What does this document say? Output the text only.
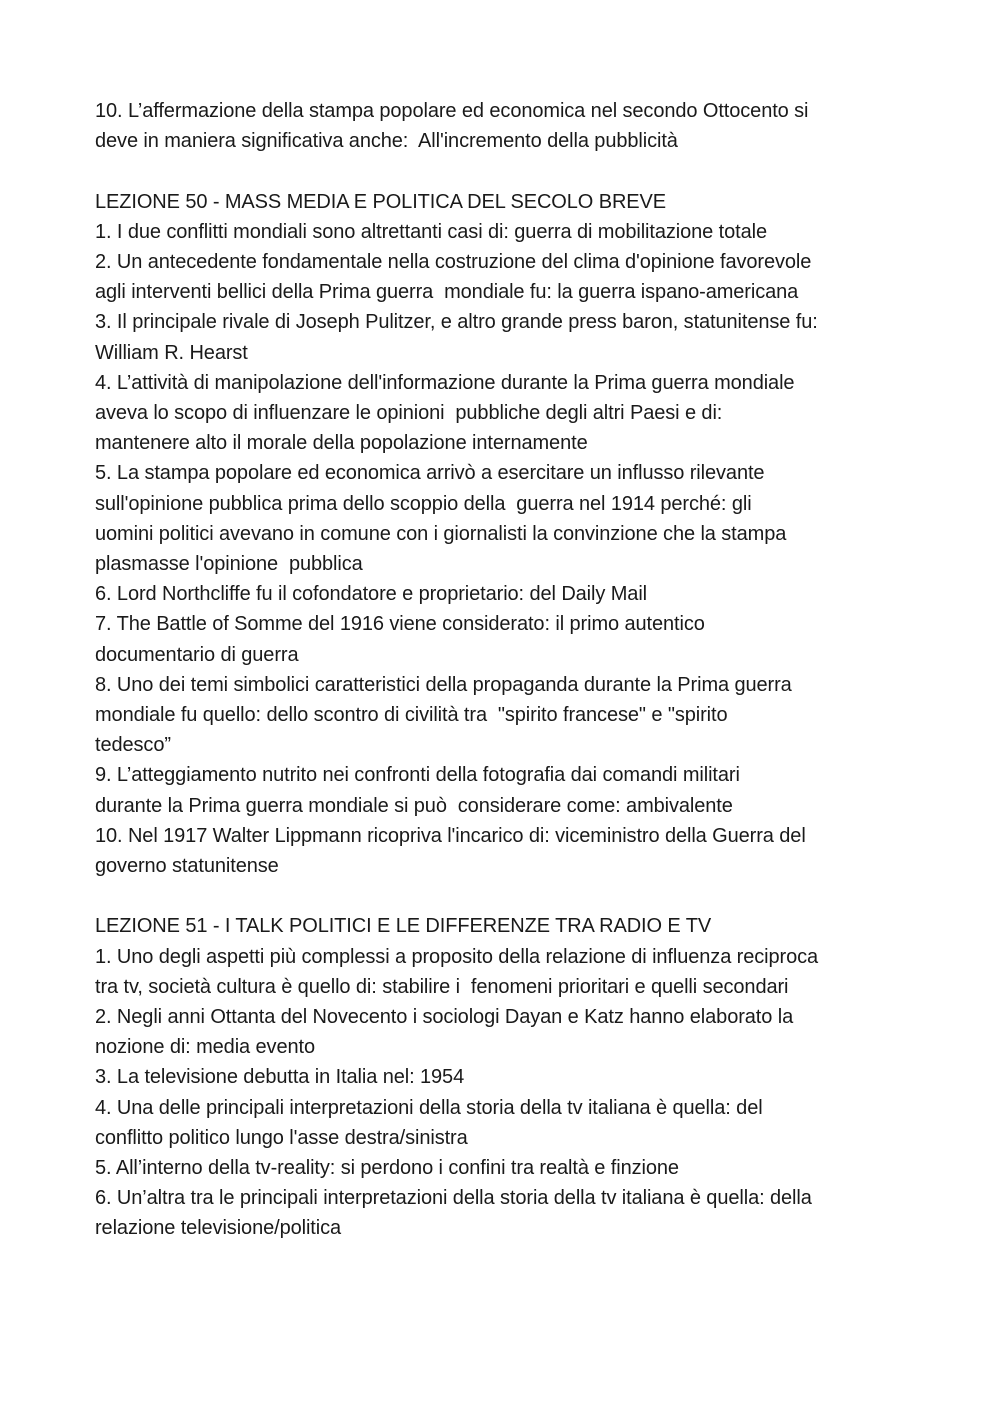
10. L’affermazione della stampa popolare ed economica nel secondo Ottocento si
deve in maniera significativa anche:  All'incremento della pubblicità
LEZIONE 50 - MASS MEDIA E POLITICA DEL SECOLO BREVE
1. I due conflitti mondiali sono altrettanti casi di: guerra di mobilitazione totale
2. Un antecedente fondamentale nella costruzione del clima d'opinione favorevole
agli interventi bellici della Prima guerra  mondiale fu: la guerra ispano-americana
3. Il principale rivale di Joseph Pulitzer, e altro grande press baron, statunitense fu:
William R. Hearst
4. L’attività di manipolazione dell'informazione durante la Prima guerra mondiale
aveva lo scopo di influenzare le opinioni  pubbliche degli altri Paesi e di:
mantenere alto il morale della popolazione internamente
5. La stampa popolare ed economica arrivò a esercitare un influsso rilevante
sull'opinione pubblica prima dello scoppio della  guerra nel 1914 perché: gli
uomini politici avevano in comune con i giornalisti la convinzione che la stampa
plasmasse l'opinione  pubblica
6. Lord Northcliffe fu il cofondatore e proprietario: del Daily Mail
7. The Battle of Somme del 1916 viene considerato: il primo autentico
documentario di guerra
8. Uno dei temi simbolici caratteristici della propaganda durante la Prima guerra
mondiale fu quello: dello scontro di civilità tra  "spirito francese" e "spirito
tedesco”
9. L’atteggiamento nutrito nei confronti della fotografia dai comandi militari
durante la Prima guerra mondiale si può  considerare come: ambivalente
10. Nel 1917 Walter Lippmann ricopriva l'incarico di: viceministro della Guerra del
governo statunitense
LEZIONE 51 - I TALK POLITICI E LE DIFFERENZE TRA RADIO E TV
1. Uno degli aspetti più complessi a proposito della relazione di influenza reciproca
tra tv, società cultura è quello di: stabilire i  fenomeni prioritari e quelli secondari
2. Negli anni Ottanta del Novecento i sociologi Dayan e Katz hanno elaborato la
nozione di: media evento
3. La televisione debutta in Italia nel: 1954
4. Una delle principali interpretazioni della storia della tv italiana è quella: del
conflitto politico lungo l'asse destra/sinistra
5. All’interno della tv-reality: si perdono i confini tra realtà e finzione
6. Un’altra tra le principali interpretazioni della storia della tv italiana è quella: della
relazione televisione/politica
